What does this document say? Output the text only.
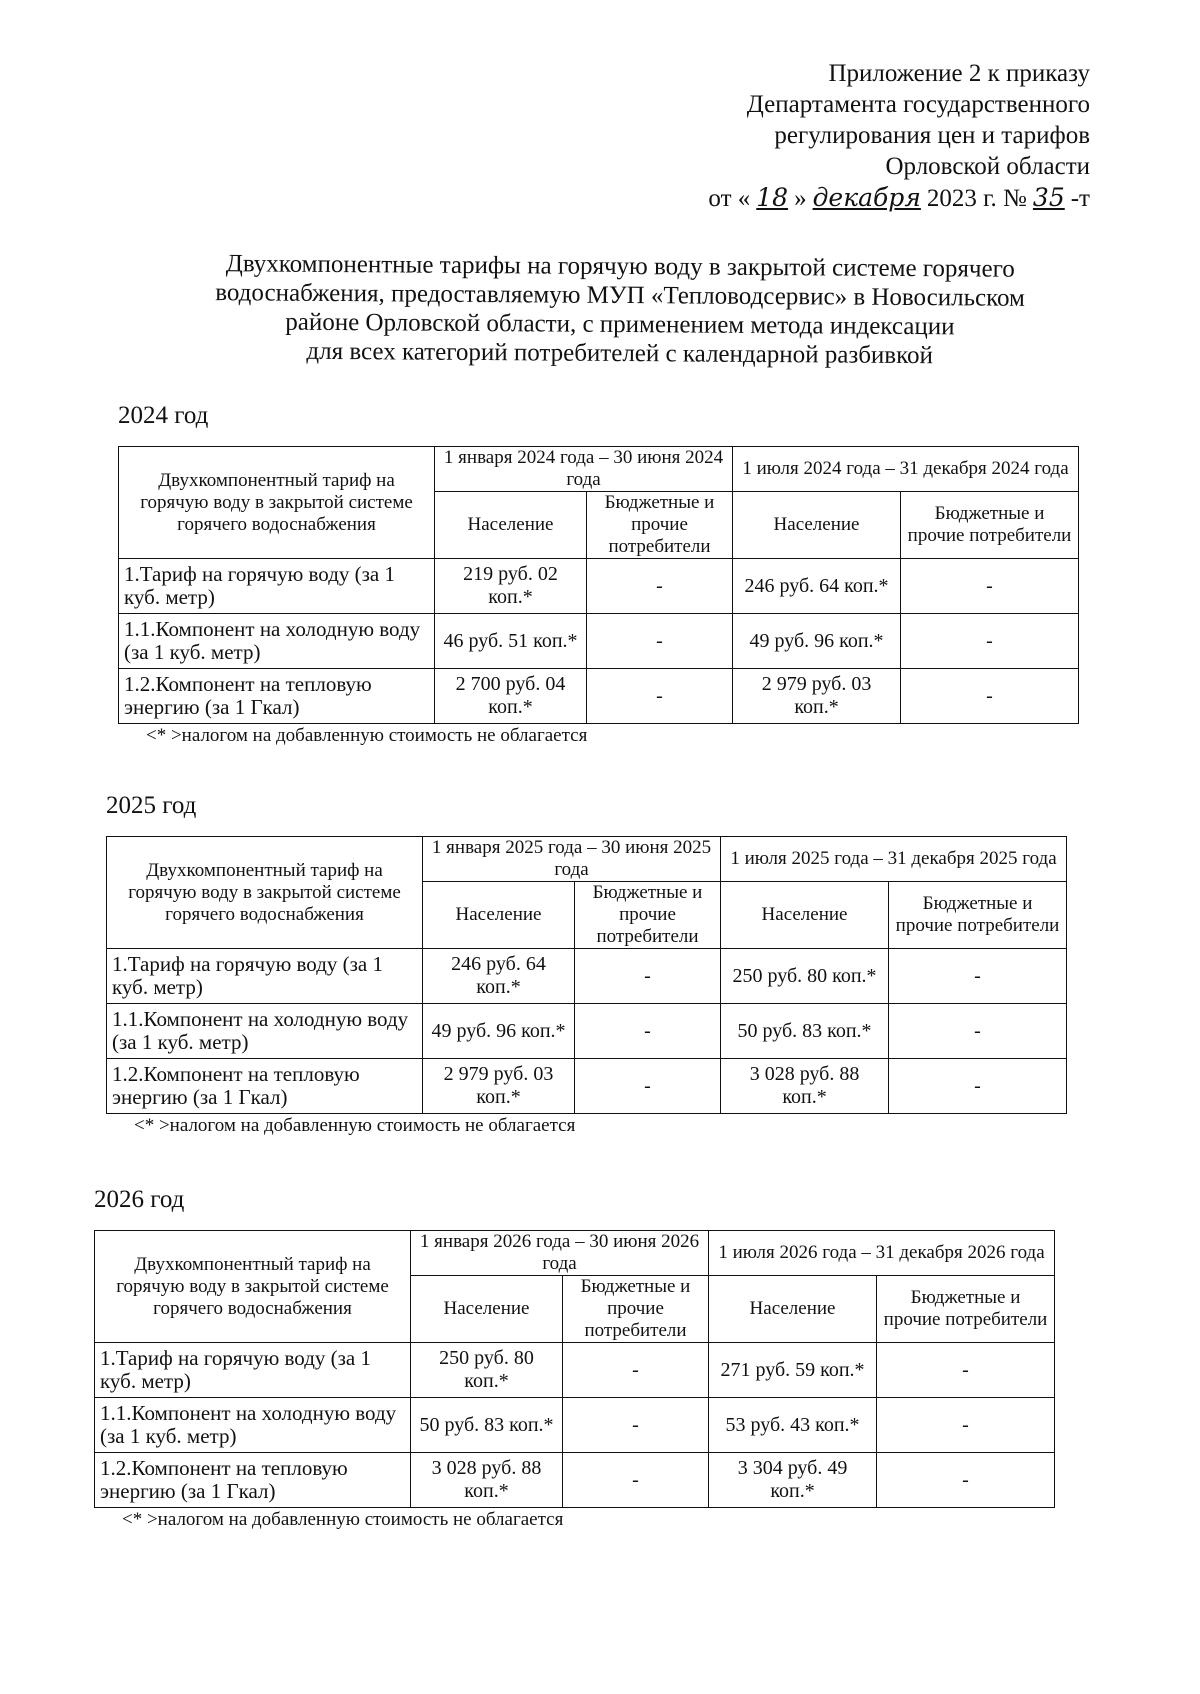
Приложение 2 к приказу
Департамента государственного
регулирования цен и тарифов
Орловской области
от « 18 » декабря 2023 г. № 35 -т
Двухкомпонентные тарифы на горячую воду в закрытой системе горячего
водоснабжения, предоставляемую МУП «Тепловодсервис» в Новосильском
районе Орловской области, с применением метода индексации
для всех категорий потребителей с календарной разбивкой
2024 год
Двухкомпонентный тариф на горячую воду в закрытой системе горячего водоснабжения	1 января 2024 года – 30 июня 2024 года		1 июля 2024 года – 31 декабря 2024 года	
	Население	Бюджетные и прочие потребители	Население	Бюджетные и прочие потребители
1.Тариф на горячую воду (за 1 куб. метр)	219 руб. 02 коп.*	-	246 руб. 64 коп.*	-
1.1.Компонент на холодную воду (за 1 куб. метр)	46 руб. 51 коп.*	-	49 руб. 96 коп.*	-
1.2.Компонент на тепловую энергию (за 1 Гкал)	2 700 руб. 04 коп.*	-	2 979 руб. 03 коп.*	-
<* >налогом на добавленную стоимость не облагается
2025 год
Двухкомпонентный тариф на горячую воду в закрытой системе горячего водоснабжения	1 января 2025 года – 30 июня 2025 года		1 июля 2025 года – 31 декабря 2025 года	
	Население	Бюджетные и прочие потребители	Население	Бюджетные и прочие потребители
1.Тариф на горячую воду (за 1 куб. метр)	246 руб. 64 коп.*	-	250 руб. 80 коп.*	-
1.1.Компонент на холодную воду (за 1 куб. метр)	49 руб. 96 коп.*	-	50 руб. 83 коп.*	-
1.2.Компонент на тепловую энергию (за 1 Гкал)	2 979 руб. 03 коп.*	-	3 028 руб. 88 коп.*	-
<* >налогом на добавленную стоимость не облагается
2026 год
Двухкомпонентный тариф на горячую воду в закрытой системе горячего водоснабжения	1 января 2026 года – 30 июня 2026 года		1 июля 2026 года – 31 декабря 2026 года	
	Население	Бюджетные и прочие потребители	Население	Бюджетные и прочие потребители
1.Тариф на горячую воду (за 1 куб. метр)	250 руб. 80 коп.*	-	271 руб. 59 коп.*	-
1.1.Компонент на холодную воду (за 1 куб. метр)	50 руб. 83 коп.*	-	53 руб. 43 коп.*	-
1.2.Компонент на тепловую энергию (за 1 Гкал)	3 028 руб. 88 коп.*	-	3 304 руб. 49 коп.*	-
<* >налогом на добавленную стоимость не облагается
